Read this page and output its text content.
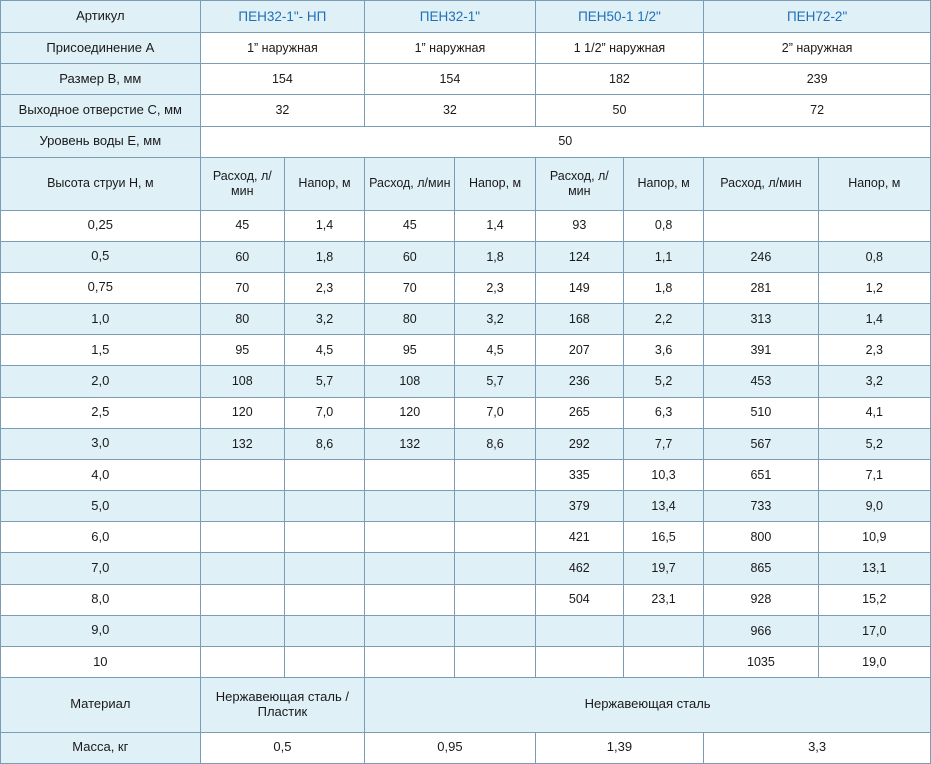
Артикул	ПЕН32-1"- НП		ПЕН32-1"		ПЕН50-1 1/2"		ПЕН72-2"	
Присоединение A	1” наружная		1” наружная		1 1/2” наружная		2” наружная	
Размер B, мм	154		154		182		239	
Выходное отверстие C, мм	32		32		50		72	
Уровень воды E, мм	50							
Высота струи H, м	Расход, л/мин	Напор, м	Расход, л/мин	Напор, м	Расход, л/мин	Напор, м	Расход, л/мин	Напор, м
0,25	45	1,4	45	1,4	93	0,8		
0,5	60	1,8	60	1,8	124	1,1	246	0,8
0,75	70	2,3	70	2,3	149	1,8	281	1,2
1,0	80	3,2	80	3,2	168	2,2	313	1,4
1,5	95	4,5	95	4,5	207	3,6	391	2,3
2,0	108	5,7	108	5,7	236	5,2	453	3,2
2,5	120	7,0	120	7,0	265	6,3	510	4,1
3,0	132	8,6	132	8,6	292	7,7	567	5,2
4,0					335	10,3	651	7,1
5,0					379	13,4	733	9,0
6,0					421	16,5	800	10,9
7,0					462	19,7	865	13,1
8,0					504	23,1	928	15,2
9,0							966	17,0
10							1035	19,0
Материал	Нержавеющая сталь / Пластик		Нержавеющая сталь					
Масса, кг	0,5		0,95		1,39		3,3	
